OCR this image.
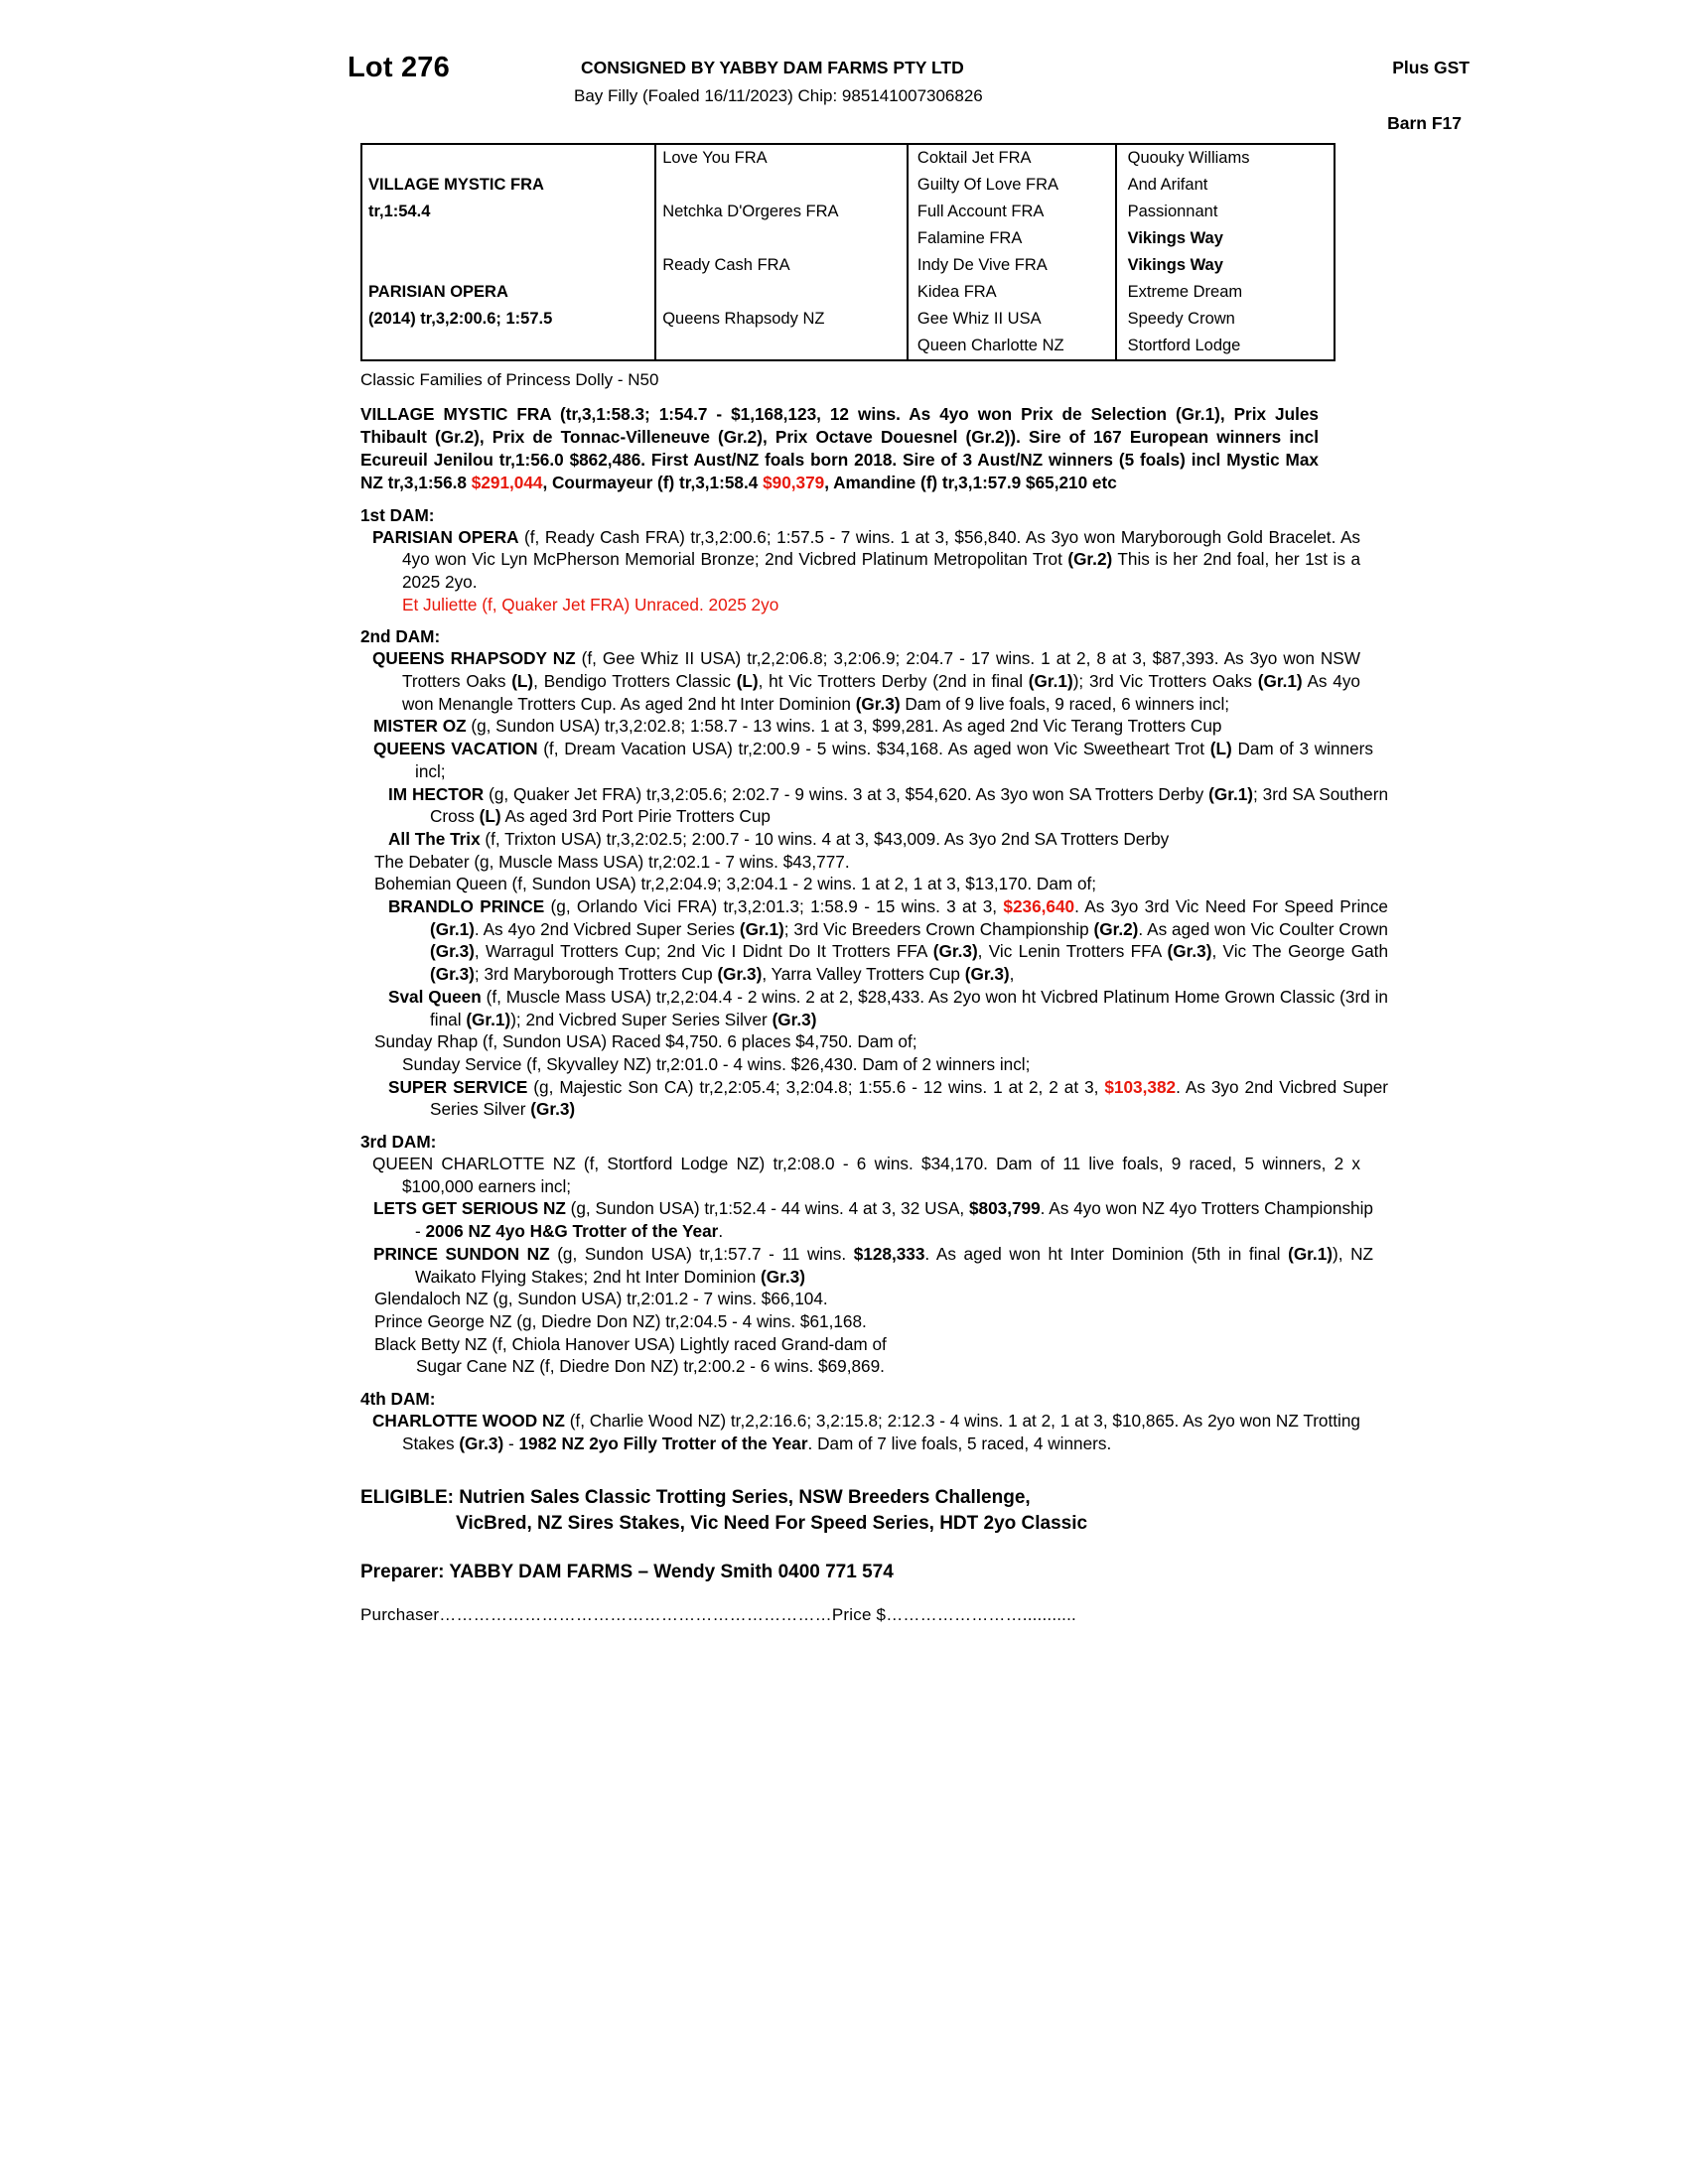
Lot 276	CONSIGNED BY YABBY DAM FARMS PTY LTD
Bay Filly (Foaled 16/11/2023) Chip: 985141007306826
Plus GST
Barn F17
	Love You FRA	Coktail Jet FRA	Quouky Williams
VILLAGE MYSTIC FRA		Guilty Of Love FRA	And Arifant
tr,1:54.4	Netchka D'Orgeres FRA	Full Account FRA	Passionnant
		Falamine FRA	Vikings Way
	Ready Cash FRA	Indy De Vive FRA	Vikings Way
PARISIAN OPERA		Kidea FRA	Extreme Dream
(2014) tr,3,2:00.6; 1:57.5	Queens Rhapsody NZ	Gee Whiz II USA	Speedy Crown
		Queen Charlotte NZ	Stortford Lodge
Classic Families of Princess Dolly - N50
VILLAGE MYSTIC FRA (tr,3,1:58.3; 1:54.7 - $1,168,123, 12 wins. As 4yo won Prix de Selection (Gr.1), Prix Jules Thibault (Gr.2), Prix de Tonnac-Villeneuve (Gr.2), Prix Octave Douesnel (Gr.2)). Sire of 167 European winners incl Ecureuil Jenilou tr,1:56.0 $862,486. First Aust/NZ foals born 2018. Sire of 3 Aust/NZ winners (5 foals) incl Mystic Max NZ tr,3,1:56.8 $291,044, Courmayeur (f) tr,3,1:58.4 $90,379, Amandine (f) tr,3,1:57.9 $65,210 etc
1st DAM:
PARISIAN OPERA (f, Ready Cash FRA) tr,3,2:00.6; 1:57.5 - 7 wins. 1 at 3, $56,840. As 3yo won Maryborough Gold Bracelet. As 4yo won Vic Lyn McPherson Memorial Bronze; 2nd Vicbred Platinum Metropolitan Trot (Gr.2) This is her 2nd foal, her 1st is a 2025 2yo.
Et Juliette (f, Quaker Jet FRA) Unraced. 2025 2yo
2nd DAM:
QUEENS RHAPSODY NZ (f, Gee Whiz II USA) tr,2,2:06.8; 3,2:06.9; 2:04.7 - 17 wins. 1 at 2, 8 at 3, $87,393. As 3yo won NSW Trotters Oaks (L), Bendigo Trotters Classic (L), ht Vic Trotters Derby (2nd in final (Gr.1)); 3rd Vic Trotters Oaks (Gr.1) As 4yo won Menangle Trotters Cup. As aged 2nd ht Inter Dominion (Gr.3) Dam of 9 live foals, 9 raced, 6 winners incl;
MISTER OZ (g, Sundon USA) tr,3,2:02.8; 1:58.7 - 13 wins. 1 at 3, $99,281. As aged 2nd Vic Terang Trotters Cup
QUEENS VACATION (f, Dream Vacation USA) tr,2:00.9 - 5 wins. $34,168. As aged won Vic Sweetheart Trot (L) Dam of 3 winners incl;
IM HECTOR (g, Quaker Jet FRA) tr,3,2:05.6; 2:02.7 - 9 wins. 3 at 3, $54,620. As 3yo won SA Trotters Derby (Gr.1); 3rd SA Southern Cross (L) As aged 3rd Port Pirie Trotters Cup
All The Trix (f, Trixton USA) tr,3,2:02.5; 2:00.7 - 10 wins. 4 at 3, $43,009. As 3yo 2nd SA Trotters Derby
The Debater (g, Muscle Mass USA) tr,2:02.1 - 7 wins. $43,777.
Bohemian Queen (f, Sundon USA) tr,2,2:04.9; 3,2:04.1 - 2 wins. 1 at 2, 1 at 3, $13,170. Dam of;
BRANDLO PRINCE (g, Orlando Vici FRA) tr,3,2:01.3; 1:58.9 - 15 wins. 3 at 3, $236,640. As 3yo 3rd Vic Need For Speed Prince (Gr.1). As 4yo 2nd Vicbred Super Series (Gr.1); 3rd Vic Breeders Crown Championship (Gr.2). As aged won Vic Coulter Crown (Gr.3), Warragul Trotters Cup; 2nd Vic I Didnt Do It Trotters FFA (Gr.3), Vic Lenin Trotters FFA (Gr.3), Vic The George Gath (Gr.3); 3rd Maryborough Trotters Cup (Gr.3), Yarra Valley Trotters Cup (Gr.3),
Sval Queen (f, Muscle Mass USA) tr,2,2:04.4 - 2 wins. 2 at 2, $28,433. As 2yo won ht Vicbred Platinum Home Grown Classic (3rd in final (Gr.1)); 2nd Vicbred Super Series Silver (Gr.3)
Sunday Rhap (f, Sundon USA) Raced $4,750. 6 places $4,750. Dam of;
Sunday Service (f, Skyvalley NZ) tr,2:01.0 - 4 wins. $26,430. Dam of 2 winners incl;
SUPER SERVICE (g, Majestic Son CA) tr,2,2:05.4; 3,2:04.8; 1:55.6 - 12 wins. 1 at 2, 2 at 3, $103,382. As 3yo 2nd Vicbred Super Series Silver (Gr.3)
3rd DAM:
QUEEN CHARLOTTE NZ (f, Stortford Lodge NZ) tr,2:08.0 - 6 wins. $34,170. Dam of 11 live foals, 9 raced, 5 winners, 2 x $100,000 earners incl;
LETS GET SERIOUS NZ (g, Sundon USA) tr,1:52.4 - 44 wins. 4 at 3, 32 USA, $803,799. As 4yo won NZ 4yo Trotters Championship - 2006 NZ 4yo H&G Trotter of the Year.
PRINCE SUNDON NZ (g, Sundon USA) tr,1:57.7 - 11 wins. $128,333. As aged won ht Inter Dominion (5th in final (Gr.1)), NZ Waikato Flying Stakes; 2nd ht Inter Dominion (Gr.3)
Glendaloch NZ (g, Sundon USA) tr,2:01.2 - 7 wins. $66,104.
Prince George NZ (g, Diedre Don NZ) tr,2:04.5 - 4 wins. $61,168.
Black Betty NZ (f, Chiola Hanover USA) Lightly raced Grand-dam of
Sugar Cane NZ (f, Diedre Don NZ) tr,2:00.2 - 6 wins. $69,869.
4th DAM:
CHARLOTTE WOOD NZ (f, Charlie Wood NZ) tr,2,2:16.6; 3,2:15.8; 2:12.3 - 4 wins. 1 at 2, 1 at 3, $10,865. As 2yo won NZ Trotting Stakes (Gr.3) - 1982 NZ 2yo Filly Trotter of the Year. Dam of 7 live foals, 5 raced, 4 winners.
ELIGIBLE: Nutrien Sales Classic Trotting Series, NSW Breeders Challenge,
VicBred, NZ Sires Stakes, Vic Need For Speed Series, HDT 2yo Classic
Preparer: YABBY DAM FARMS – Wendy Smith 0400 771 574
Purchaser……………………………………………………………Price $……………………...........
